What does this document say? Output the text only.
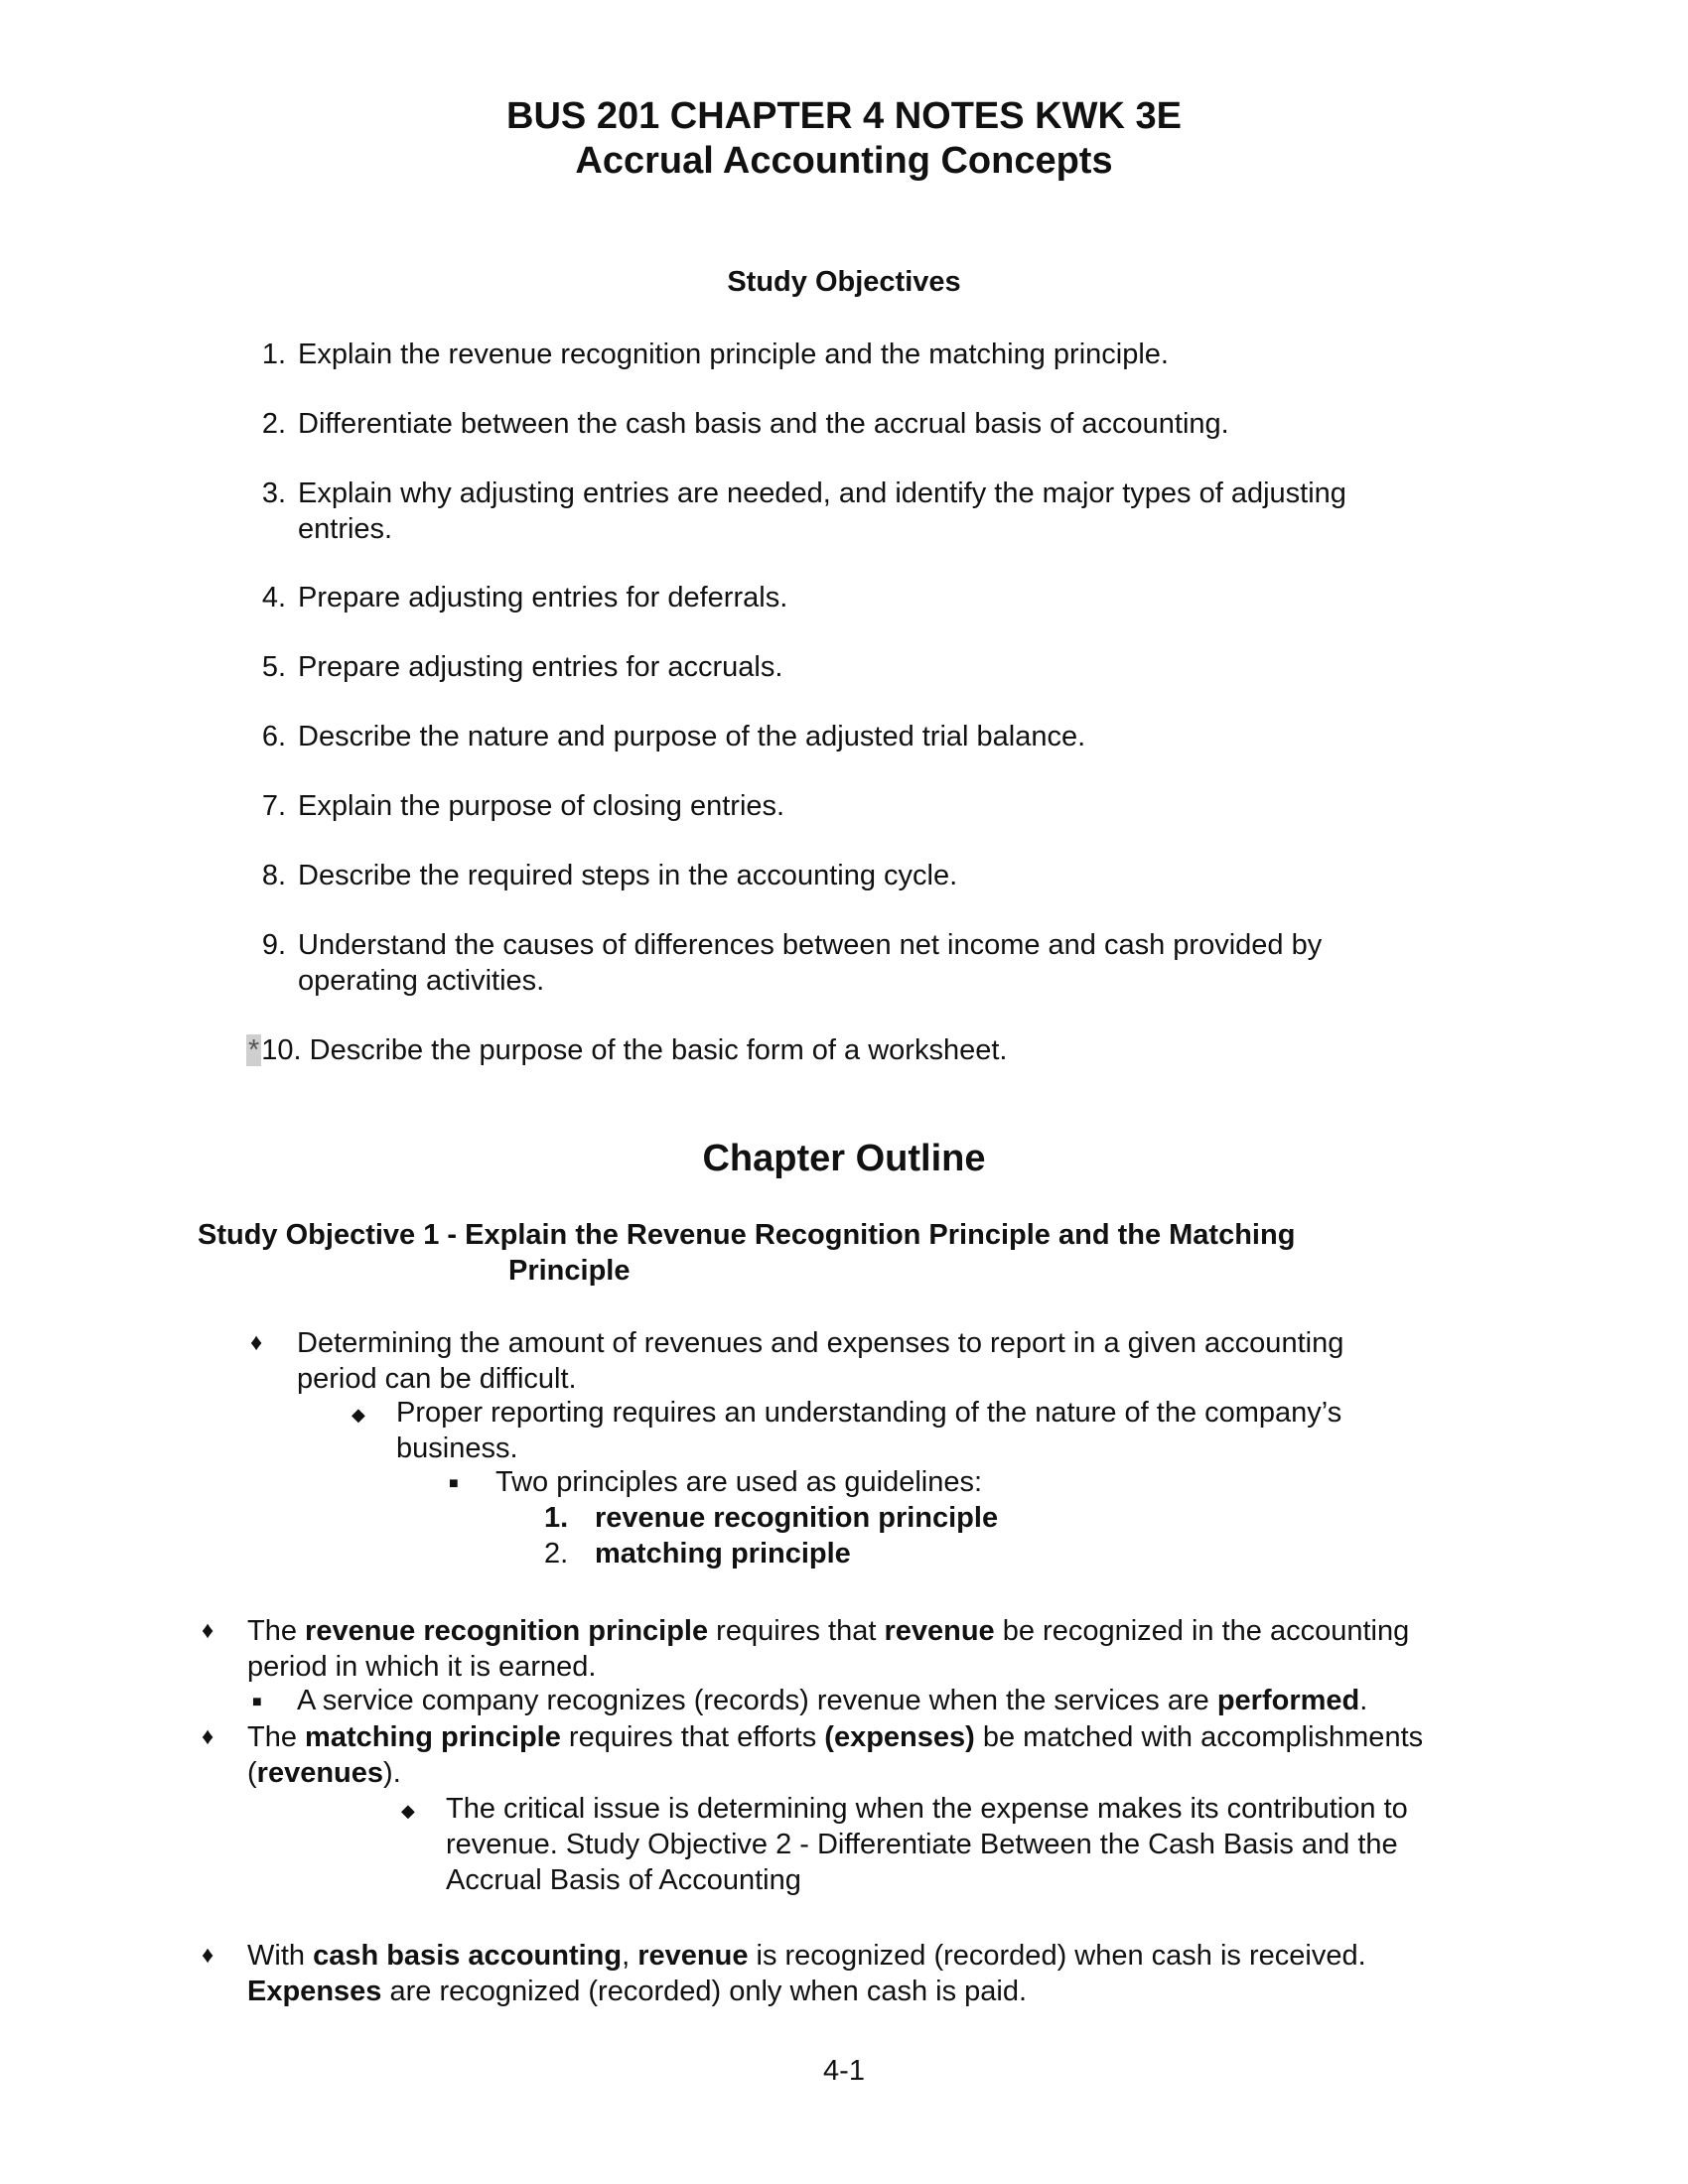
BUS 201 CHAPTER 4 NOTES KWK 3E
Accrual Accounting Concepts
Study Objectives
1. Explain the revenue recognition principle and the matching principle.
2. Differentiate between the cash basis and the accrual basis of accounting.
3. Explain why adjusting entries are needed, and identify the major types of adjusting
entries.
4. Prepare adjusting entries for deferrals.
5. Prepare adjusting entries for accruals.
6. Describe the nature and purpose of the adjusted trial balance.
7. Explain the purpose of closing entries.
8. Describe the required steps in the accounting cycle.
9. Understand the causes of differences between net income and cash provided by
operating activities.
*10. Describe the purpose of the basic form of a worksheet.
Chapter Outline
Study Objective 1 - Explain the Revenue Recognition Principle and the Matching
Principle
♦ Determining the amount of revenues and expenses to report in a given accounting
period can be difficult.
◆ Proper reporting requires an understanding of the nature of the company’s
business.
■ Two principles are used as guidelines:
1. revenue recognition principle
2. matching principle
♦ The revenue recognition principle requires that revenue be recognized in the accounting
period in which it is earned.
■ A service company recognizes (records) revenue when the services are performed.
♦ The matching principle requires that efforts (expenses) be matched with accomplishments
(revenues).
◆ The critical issue is determining when the expense makes its contribution to
revenue. Study Objective 2 - Differentiate Between the Cash Basis and the
Accrual Basis of Accounting
♦ With cash basis accounting, revenue is recognized (recorded) when cash is received.
Expenses are recognized (recorded) only when cash is paid.
4-1
